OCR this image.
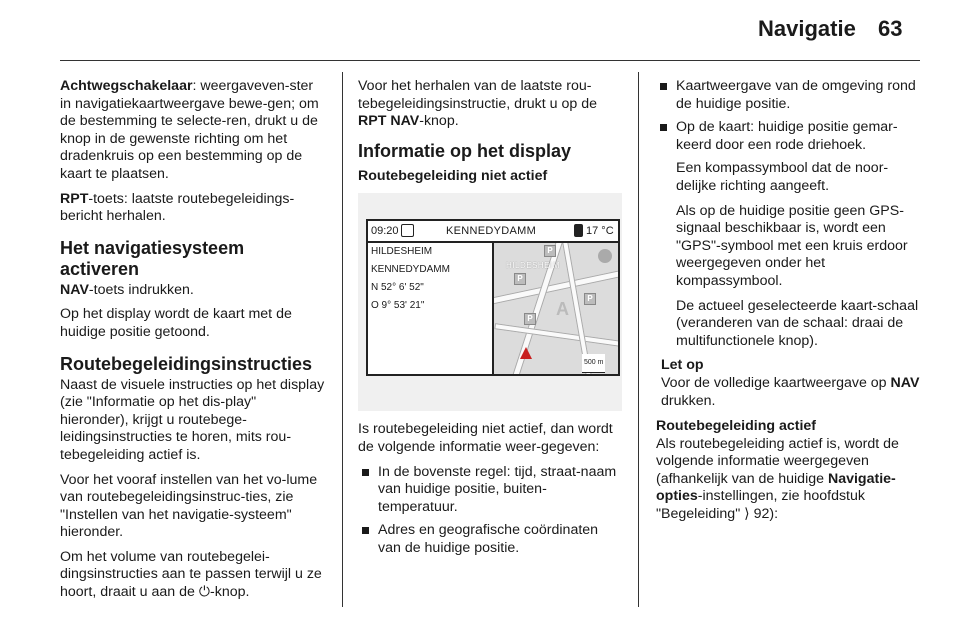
Navigatie 63

Achtwegschakelaar: weergaveven-ster in navigatiekaartweergave bewe-gen; om de bestemming te selecte-ren, drukt u de knop in de gewenste richting om het dradenkruis op een bestemming op de kaart te plaatsen.

RPT-toets: laatste routebegeleidings-bericht herhalen.

Het navigatiesysteem activeren

NAV-toets indrukken.

Op het display wordt de kaart met de huidige positie getoond.

Routebegeleidingsinstructies

Naast de visuele instructies op het display (zie "Informatie op het dis-play" hieronder), krijgt u routebege-leidingsinstructies te horen, mits rou-tebegeleiding actief is.

Voor het vooraf instellen van het vo-lume van routebegeleidingsinstruc-ties, zie "Instellen van het navigatie-systeem" hieronder.

Om het volume van routebegelei-dingsinstructies aan te passen terwijl u ze hoort, draait u aan de ⏻-knop.

Voor het herhalen van de laatste rou-tebegeleidingsinstructie, drukt u op de RPT NAV-knop.

Informatie op het display
Routebegeleiding niet actief
09:20	KENNEDYDAMM	17 °C
HILDESHEIM
KENNEDYDAMM
N 52° 6' 52"
O 9° 53' 21"
HILDESHEIM
A
P
P
P
P
500 m

Is routebegeleiding niet actief, dan wordt de volgende informatie weer-gegeven:

In de bovenste regel: tijd, straat-naam van huidige positie, buiten-temperatuur.
Adres en geografische coördinaten van de huidige positie.
Kaartweergave van de omgeving rond de huidige positie.
Op de kaart: huidige positie gemar-keerd door een rode driehoek.

Een kompassymbool dat de noor-delijke richting aangeeft.

Als op de huidige positie geen GPS-signaal beschikbaar is, wordt een "GPS"-symbool met een kruis erdoor weergegeven onder het kompassymbool.

De actueel geselecteerde kaart-schaal (veranderen van de schaal: draai de multifunctionele knop).

Let op
Voor de volledige kaartweergave op NAV drukken.
Routebegeleiding actief

Als routebegeleiding actief is, wordt de volgende informatie weergegeven (afhankelijk van de huidige Navigatie-opties-instellingen, zie hoofdstuk "Begeleiding" ⟩ 92):
